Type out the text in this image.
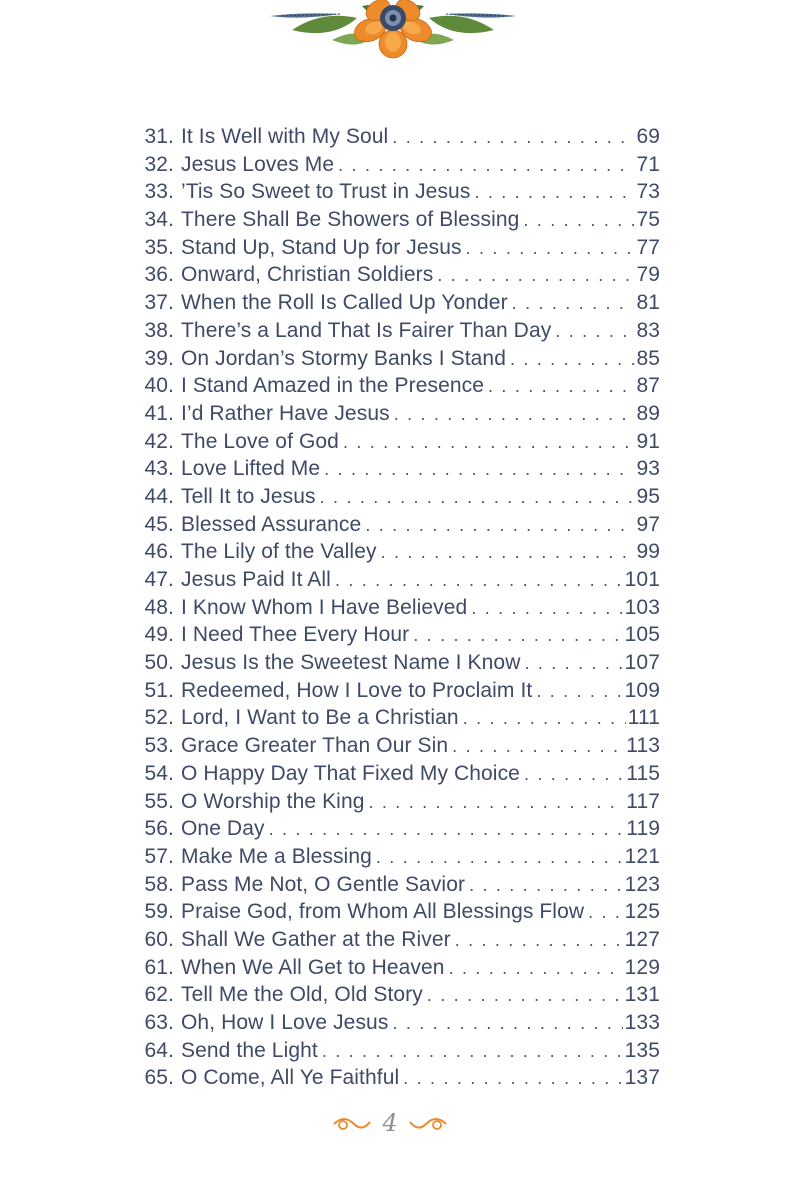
31. It Is Well with My Soul . . .	69
32. Jesus Loves Me . . .	71
33. ’Tis So Sweet to Trust in Jesus . . .	73
34. There Shall Be Showers of Blessing . . .	75
35. Stand Up, Stand Up for Jesus . . .	77
36. Onward, Christian Soldiers . . .	79
37. When the Roll Is Called Up Yonder . . .	81
38. There’s a Land That Is Fairer Than Day . . .	83
39. On Jordan’s Stormy Banks I Stand . . .	85
40. I Stand Amazed in the Presence . . .	87
41. I’d Rather Have Jesus . . .	89
42. The Love of God . . .	91
43. Love Lifted Me . . .	93
44. Tell It to Jesus . . .	95
45. Blessed Assurance . . .	97
46. The Lily of the Valley . . .	99
47. Jesus Paid It All . . .	101
48. I Know Whom I Have Believed . . .	103
49. I Need Thee Every Hour . . .	105
50. Jesus Is the Sweetest Name I Know . . .	107
51. Redeemed, How I Love to Proclaim It . . .	109
52. Lord, I Want to Be a Christian . . .	111
53. Grace Greater Than Our Sin . . .	113
54. O Happy Day That Fixed My Choice . . .	115
55. O Worship the King . . .	117
56. One Day . . .	119
57. Make Me a Blessing . . .	121
58. Pass Me Not, O Gentle Savior . . .	123
59. Praise God, from Whom All Blessings Flow . . . 125
60. Shall We Gather at the River . . .	127
61. When We All Get to Heaven . . .	129
62. Tell Me the Old, Old Story . . .	131
63. Oh, How I Love Jesus . . .	133
64. Send the Light . . .	135
65. O Come, All Ye Faithful . . .	137
4
